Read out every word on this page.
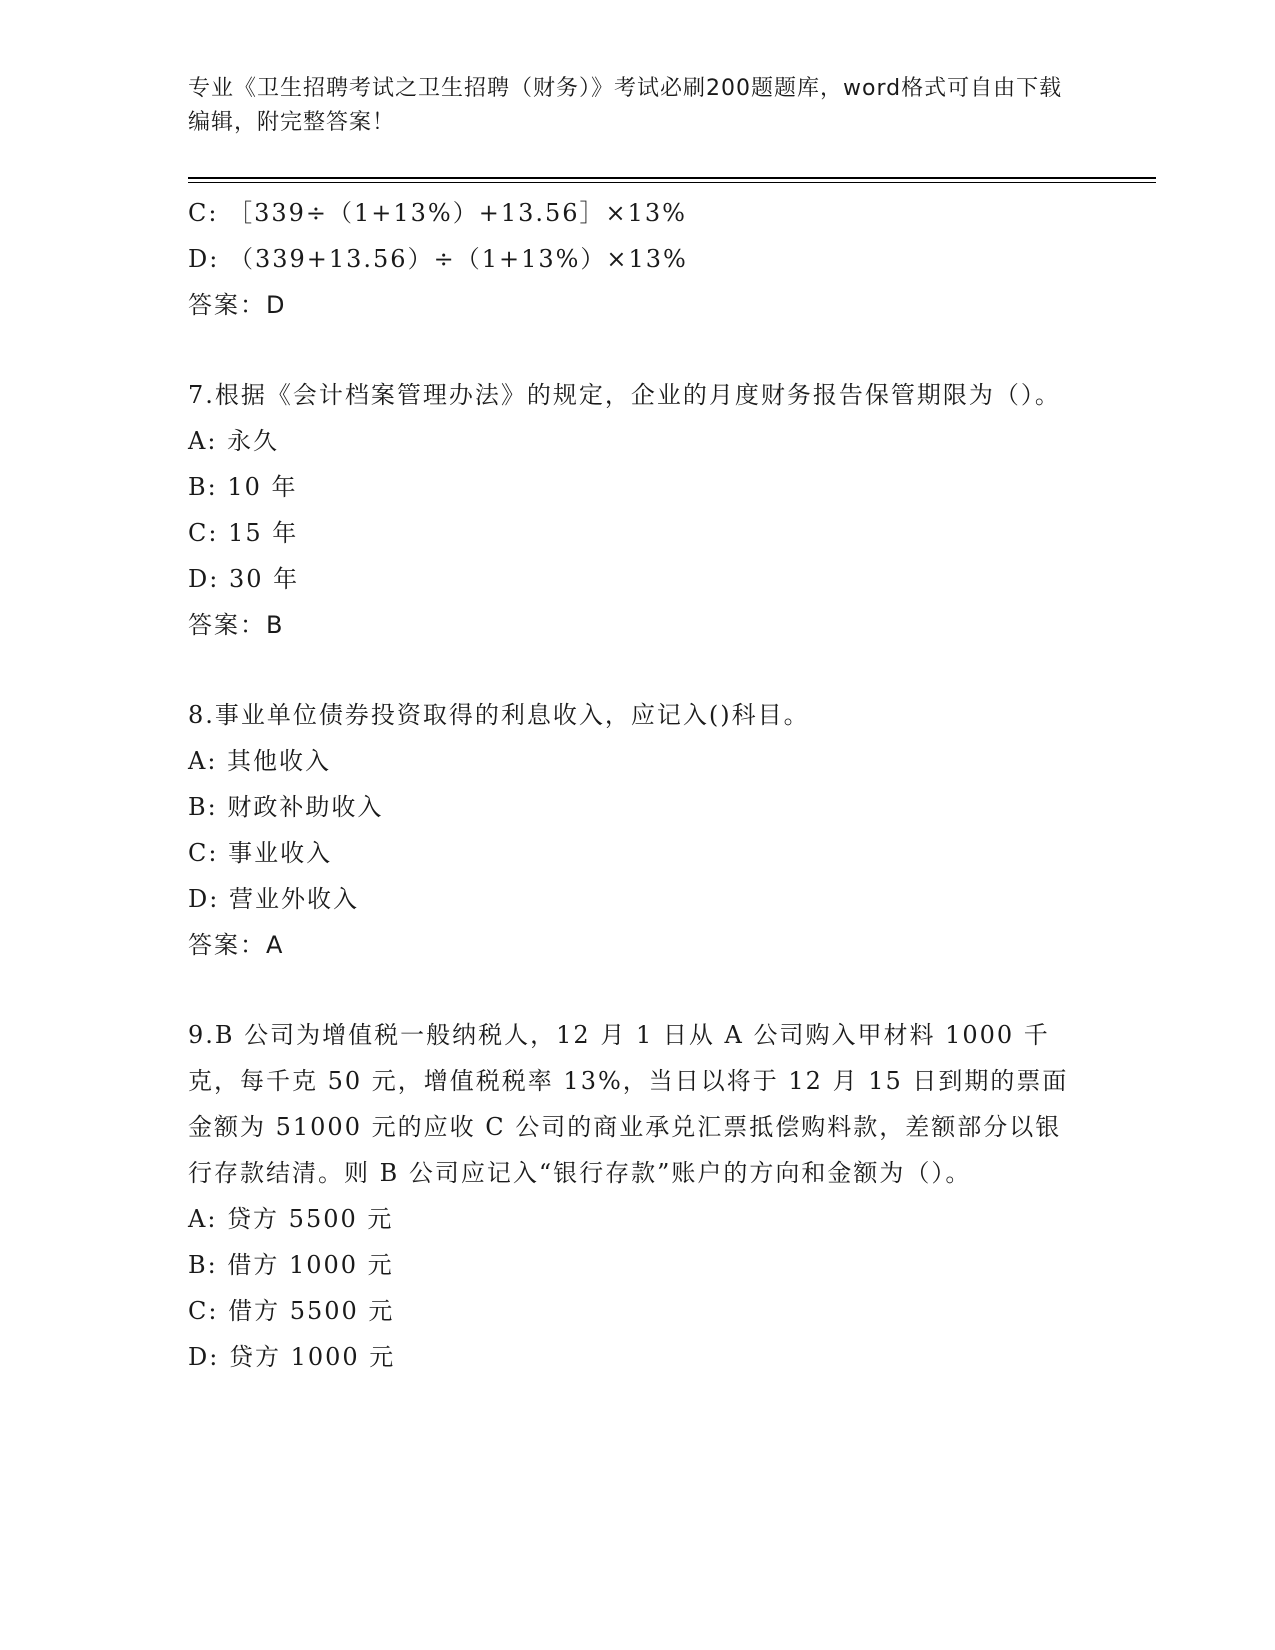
专业《卫生招聘考试之卫生招聘（财务）》考试必刷200题题库，word格式可自由下载编辑，附完整答案！
C: ［339÷（1+13%）+13.56］×13%
D: （339+13.56）÷（1+13%）×13%
答案：D
7.根据《会计档案管理办法》的规定，企业的月度财务报告保管期限为（）。
A: 永久
B: 10 年
C: 15 年
D: 30 年
答案：B
8.事业单位债券投资取得的利息收入，应记入()科目。
A: 其他收入
B: 财政补助收入
C: 事业收入
D: 营业外收入
答案：A
9.B 公司为增值税一般纳税人，12 月 1 日从 A 公司购入甲材料 1000 千克，每千克 50 元，增值税税率 13%，当日以将于 12 月 15 日到期的票面金额为 51000 元的应收 C 公司的商业承兑汇票抵偿购料款，差额部分以银行存款结清。则 B 公司应记入“银行存款”账户的方向和金额为（）。
A: 贷方 5500 元
B: 借方 1000 元
C: 借方 5500 元
D: 贷方 1000 元
